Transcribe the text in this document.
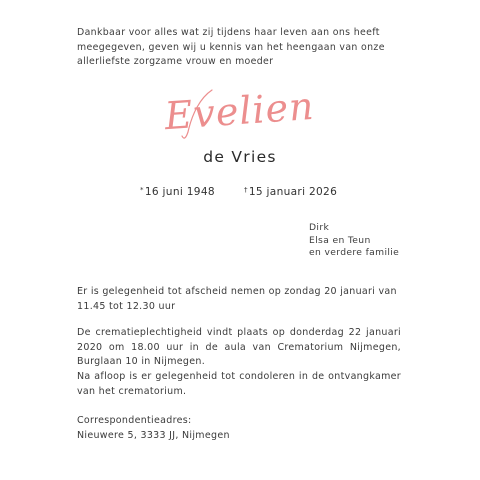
Dankbaar voor alles wat zij tijdens haar leven aan ons heeft
meegegeven, geven wij u kennis van het heengaan van onze
allerliefste zorgzame vrouw en moeder
Evelien
de Vries
*16 juni 1948	†15 januari 2026
Dirk
Elsa en Teun
en verdere familie
Er is gelegenheid tot afscheid nemen op zondag 20 januari van 11.45 tot 12.30 uur
De crematieplechtigheid vindt plaats op donderdag 22 januari 2020 om 18.00 uur in de aula van Crematorium Nijmegen, Burglaan 10 in Nijmegen.
Na afloop is er gelegenheid tot condoleren in de ontvangkamer van het crematorium.
Correspondentieadres:
Nieuwere 5, 3333 JJ, Nijmegen
